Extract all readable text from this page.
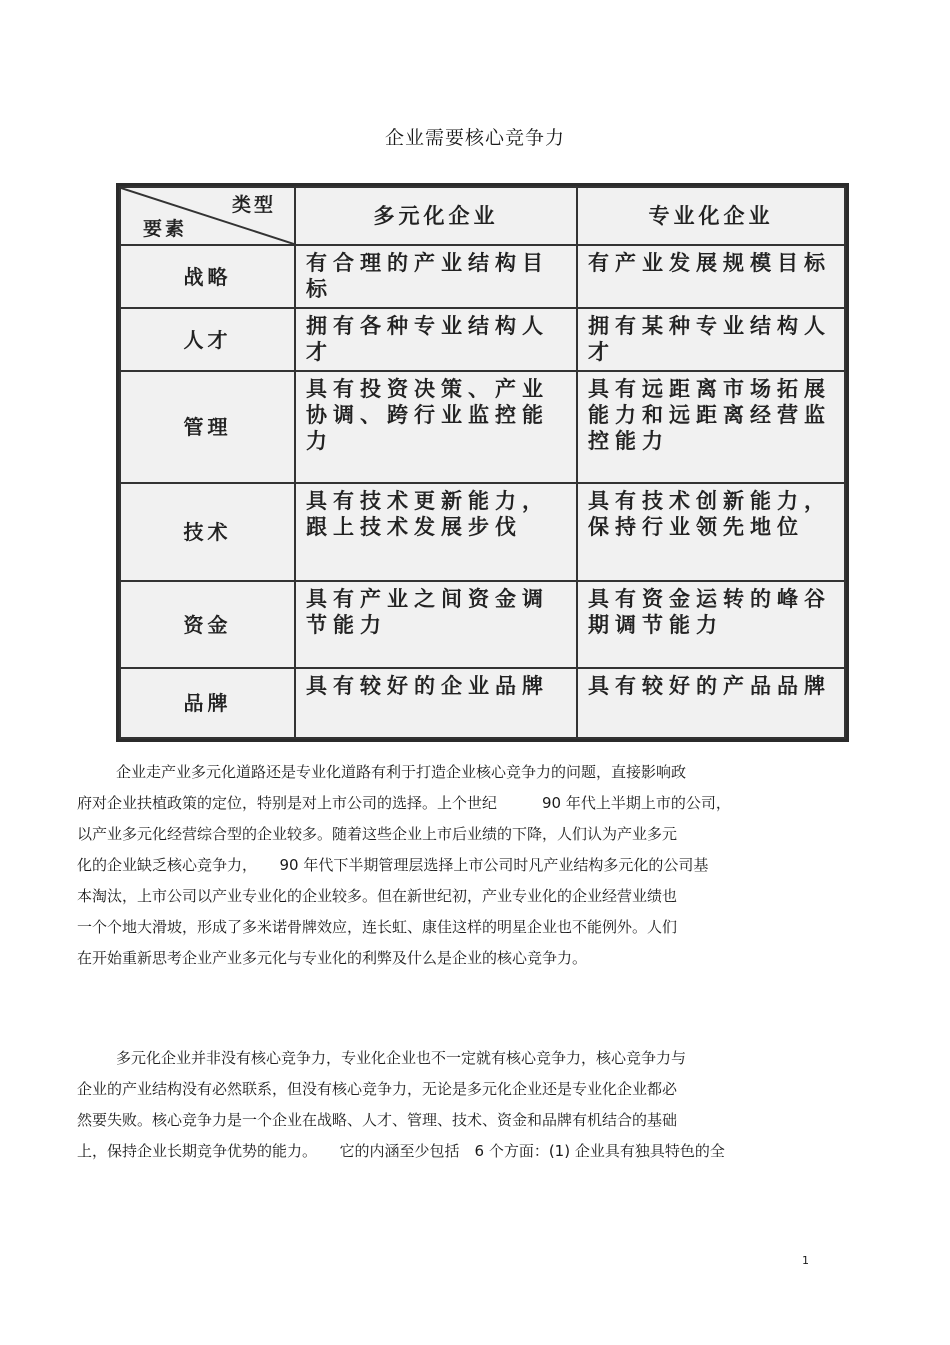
企业需要核心竞争力
类型
要素	多元化企业	专业化企业
战略	有合理的产业结构目标	有产业发展规模目标
人才	拥有各种专业结构人才	拥有某种专业结构人才
管理	具有投资决策、产业协调、跨行业监控能力	具有远距离市场拓展能力和远距离经营监控能力
技术	具有技术更新能力，跟上技术发展步伐	具有技术创新能力，保持行业领先地位
资金	具有产业之间资金调节能力	具有资金运转的峰谷期调节能力
品牌	具有较好的企业品牌	具有较好的产品品牌
企业走产业多元化道路还是专业化道路有利于打造企业核心竞争力的问题，直接影响政
府对企业扶植政策的定位，特别是对上市公司的选择。上个世纪　　　90 年代上半期上市的公司，
以产业多元化经营综合型的企业较多。随着这些企业上市后业绩的下降，人们认为产业多元
化的企业缺乏核心竞争力，　　90 年代下半期管理层选择上市公司时凡产业结构多元化的公司基
本淘汰，上市公司以产业专业化的企业较多。但在新世纪初，产业专业化的企业经营业绩也
一个个地大滑坡，形成了多米诺骨牌效应，连长虹、康佳这样的明星企业也不能例外。人们
在开始重新思考企业产业多元化与专业化的利弊及什么是企业的核心竞争力。
多元化企业并非没有核心竞争力，专业化企业也不一定就有核心竞争力，核心竞争力与
企业的产业结构没有必然联系，但没有核心竞争力，无论是多元化企业还是专业化企业都必
然要失败。核心竞争力是一个企业在战略、人才、管理、技术、资金和品牌有机结合的基础
上，保持企业长期竞争优势的能力。　　它的内涵至少包括　6 个方面：(1) 企业具有独具特色的全
1
